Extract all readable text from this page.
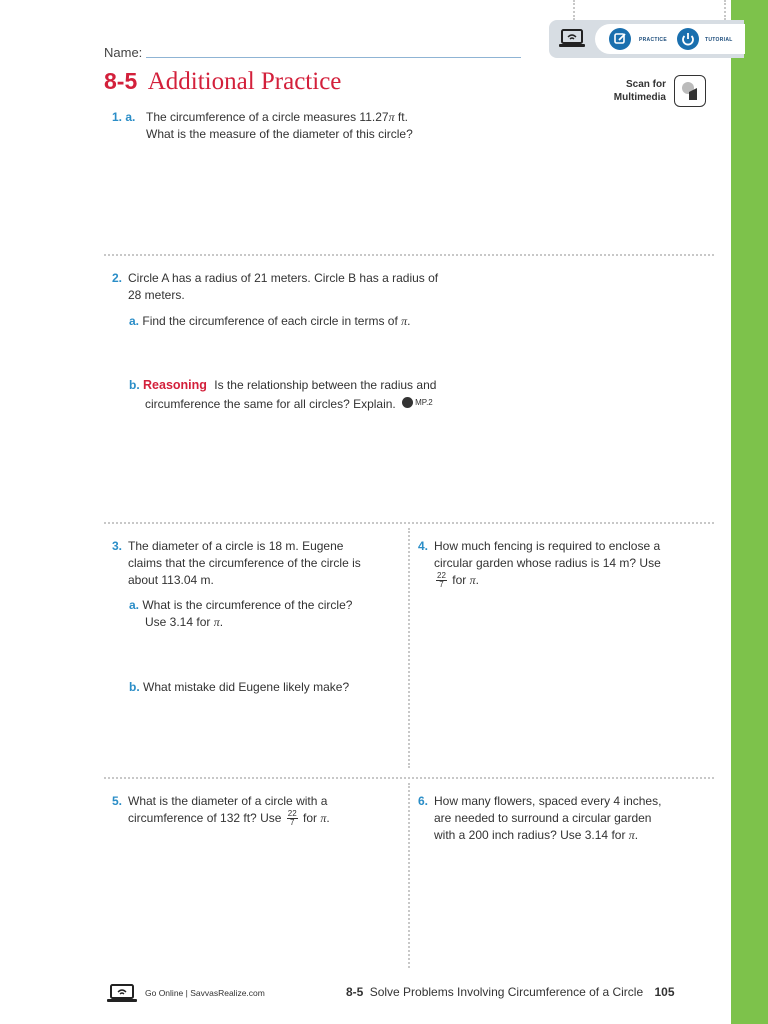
PRACTICE	TUTORIAL
Name:
8-5 Additional Practice	Scan for
Multimedia
1. a. The circumference of a circle measures 11.27π ft.
What is the measure of the diameter of this circle?
2. Circle A has a radius of 21 meters. Circle B has a radius of
28 meters.
a. Find the circumference of each circle in terms of π.
b. Reasoning Is the relationship between the radius and
circumference the same for all circles? Explain. MP.2
3. The diameter of a circle is 18 m. Eugene
claims that the circumference of the circle is
about 113.04 m.
a. What is the circumference of the circle?
Use 3.14 for π.
b. What mistake did Eugene likely make?
4. How much fencing is required to enclose a
circular garden whose radius is 14 m? Use
$\frac{22}{7}$ for π.
5. What is the diameter of a circle with a
circumference of 132 ft? Use $\frac{22}{7}$ for π.
6. How many flowers, spaced every 4 inches,
are needed to surround a circular garden
with a 200 inch radius? Use 3.14 for π.
Go Online | SavvasRealize.com	8-5 Solve Problems Involving Circumference of a Circle 105
